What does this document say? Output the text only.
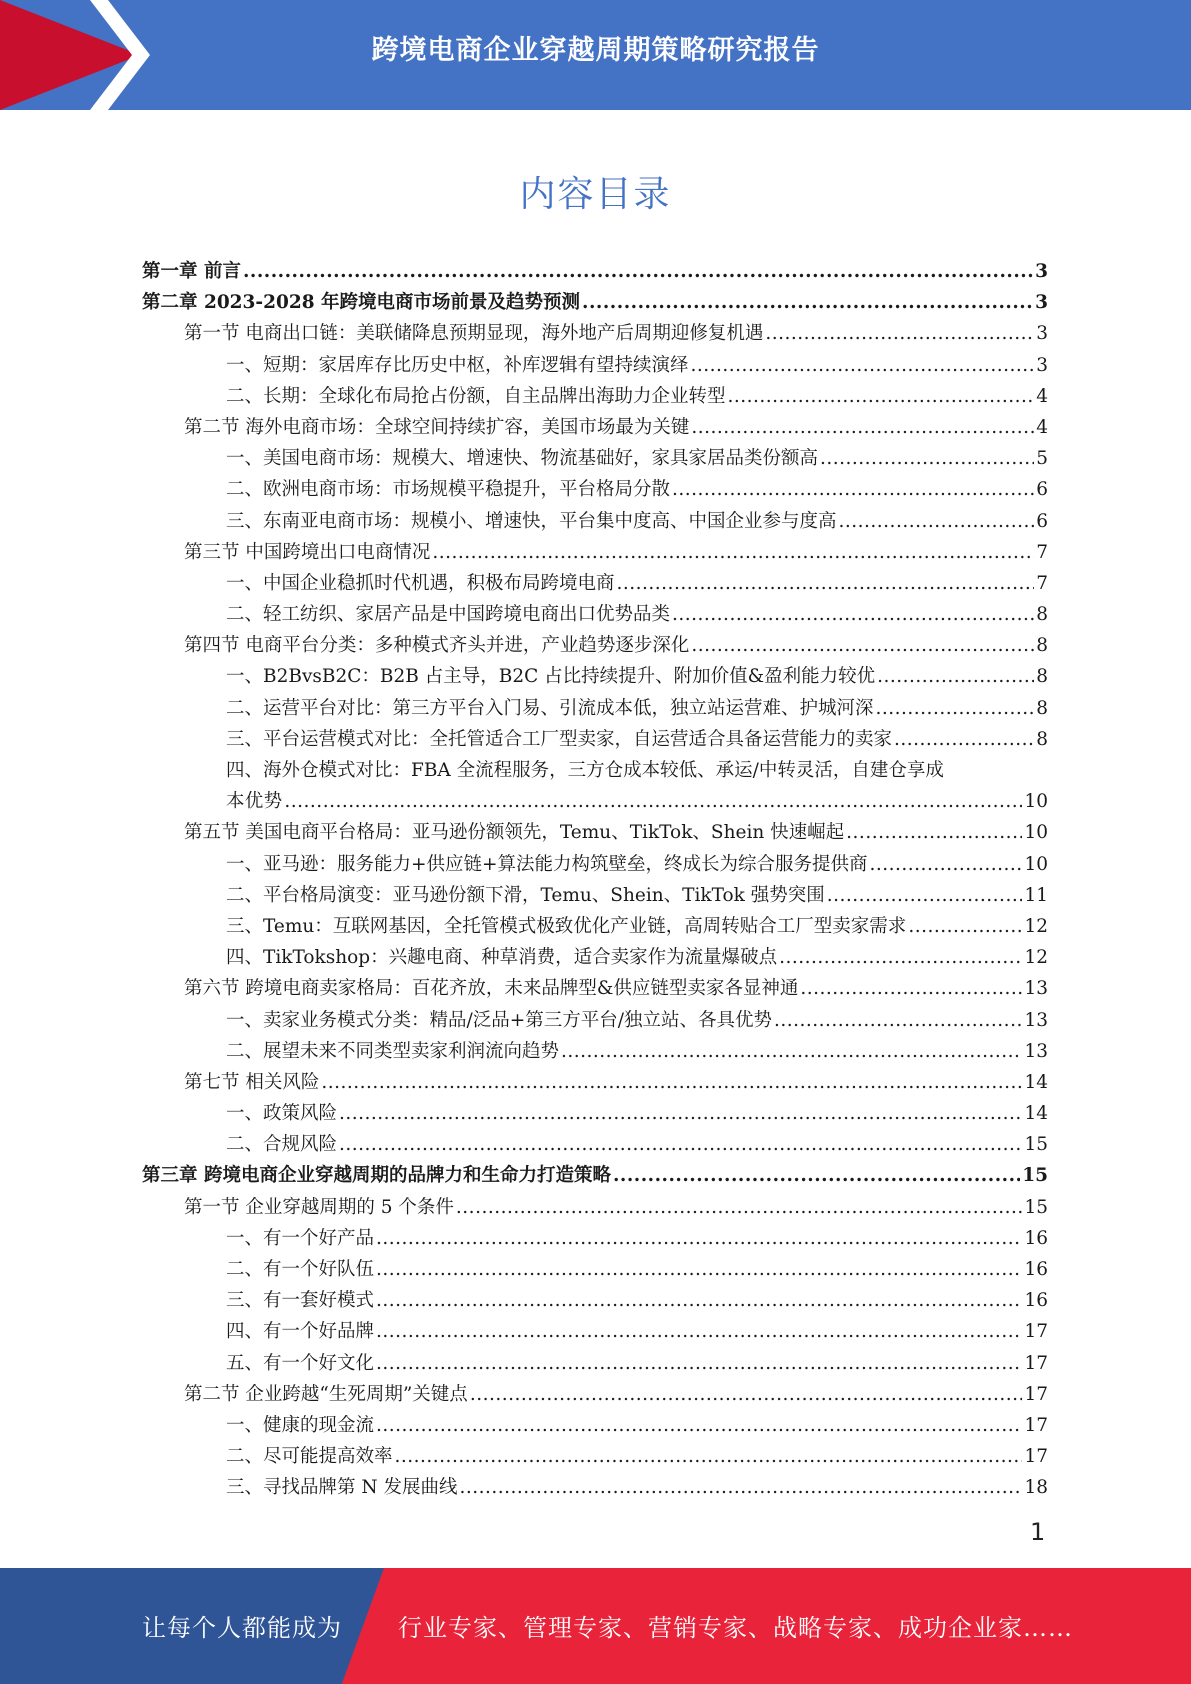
跨境电商企业穿越周期策略研究报告
内容目录
第一章 前言 .....	3
第二章 2023-2028 年跨境电商市场前景及趋势预测 .....	3
第一节 电商出口链：美联储降息预期显现，海外地产后周期迎修复机遇 .....	3
一、短期：家居库存比历史中枢，补库逻辑有望持续演绎 .....	3
二、长期：全球化布局抢占份额，自主品牌出海助力企业转型 .....	4
第二节 海外电商市场：全球空间持续扩容，美国市场最为关键 .....	4
一、美国电商市场：规模大、增速快、物流基础好，家具家居品类份额高 .....	5
二、欧洲电商市场：市场规模平稳提升，平台格局分散 .....	6
三、东南亚电商市场：规模小、增速快，平台集中度高、中国企业参与度高 .....	6
第三节 中国跨境出口电商情况 .....	7
一、中国企业稳抓时代机遇，积极布局跨境电商 .....	7
二、轻工纺织、家居产品是中国跨境电商出口优势品类 .....	8
第四节 电商平台分类：多种模式齐头并进，产业趋势逐步深化 .....	8
一、B2BvsB2C：B2B 占主导，B2C 占比持续提升、附加价值&盈利能力较优 .....	8
二、运营平台对比：第三方平台入门易、引流成本低，独立站运营难、护城河深 .....	8
三、平台运营模式对比：全托管适合工厂型卖家，自运营适合具备运营能力的卖家 .....	8
四、海外仓模式对比：FBA 全流程服务，三方仓成本较低、承运/中转灵活，自建仓享成
本优势 .....	10
第五节 美国电商平台格局：亚马逊份额领先，Temu、TikTok、Shein 快速崛起 .....	10
一、亚马逊：服务能力+供应链+算法能力构筑壁垒，终成长为综合服务提供商 .....	10
二、平台格局演变：亚马逊份额下滑，Temu、Shein、TikTok 强势突围 .....	11
三、Temu：互联网基因，全托管模式极致优化产业链，高周转贴合工厂型卖家需求 .....	12
四、TikTokshop：兴趣电商、种草消费，适合卖家作为流量爆破点 .....	12
第六节 跨境电商卖家格局：百花齐放，未来品牌型&供应链型卖家各显神通 .....	13
一、卖家业务模式分类：精品/泛品+第三方平台/独立站、各具优势 .....	13
二、展望未来不同类型卖家利润流向趋势 .....	13
第七节 相关风险 .....	14
一、政策风险 .....	14
二、合规风险 .....	15
第三章 跨境电商企业穿越周期的品牌力和生命力打造策略 .....	15
第一节 企业穿越周期的 5 个条件 .....	15
一、有一个好产品 .....	16
二、有一个好队伍 .....	16
三、有一套好模式 .....	16
四、有一个好品牌 .....	17
五、有一个好文化 .....	17
第二节 企业跨越“生死周期”关键点 .....	17
一、健康的现金流 .....	17
二、尽可能提高效率 .....	17
三、寻找品牌第 N 发展曲线 .....	18
1
让每个人都能成为 行业专家、管理专家、营销专家、战略专家、成功企业家……
